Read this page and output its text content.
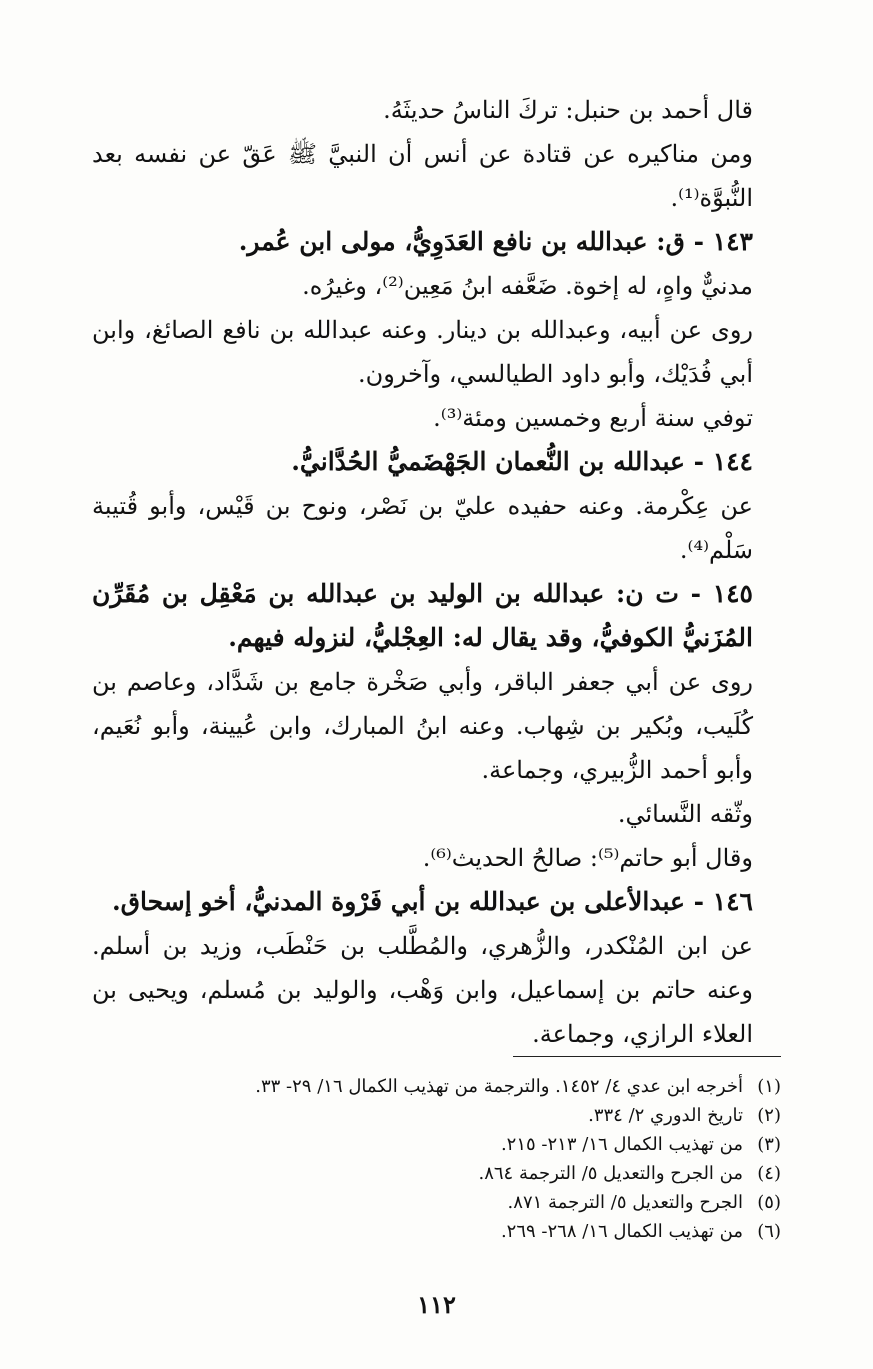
قال أحمد بن حنبل: تركَ الناسُ حديثَهُ.

ومن مناكيره عن قتادة عن أنس أن النبيَّ ﷺ عَقّ عن نفسه بعد النُّبوَّة⁽¹⁾.

١٤٣ - ق: عبدالله بن نافع العَدَوِيُّ، مولى ابن عُمر.

مدنيٌّ واهٍ، له إخوة. ضَعَّفه ابنُ مَعِين⁽²⁾، وغيرُه.

روى عن أبيه، وعبدالله بن دينار. وعنه عبدالله بن نافع الصائغ، وابن أبي فُدَيْك، وأبو داود الطيالسي، وآخرون.

توفي سنة أربع وخمسين ومئة⁽³⁾.

١٤٤ - عبدالله بن النُّعمان الجَهْضَميُّ الحُدَّانيُّ.

عن عِكْرمة. وعنه حفيده عليّ بن نَصْر، ونوح بن قَيْس، وأبو قُتيبة سَلْم⁽⁴⁾.

١٤٥ - ت ن: عبدالله بن الوليد بن عبدالله بن مَعْقِل بن مُقَرِّن المُزَنيُّ الكوفيُّ، وقد يقال له: العِجْليُّ، لنزوله فيهم.

روى عن أبي جعفر الباقر، وأبي صَخْرة جامع بن شَدَّاد، وعاصم بن كُلَيب، وبُكير بن شِهاب. وعنه ابنُ المبارك، وابن عُيينة، وأبو نُعَيم، وأبو أحمد الزُّبيري، وجماعة.

وثّقه النَّسائي.

وقال أبو حاتم⁽⁵⁾: صالحُ الحديث⁽⁶⁾.

١٤٦ - عبدالأعلى بن عبدالله بن أبي فَرْوة المدنيُّ، أخو إسحاق.

عن ابن المُنْكدر، والزُّهري، والمُطَّلب بن حَنْطَب، وزيد بن أسلم. وعنه حاتم بن إسماعيل، وابن وَهْب، والوليد بن مُسلم، ويحيى بن العلاء الرازي، وجماعة.

(١)
أخرجه ابن عدي ٤/ ١٤٥٢. والترجمة من تهذيب الكمال ١٦/ ٢٩- ٣٣.
(٢)
تاريخ الدوري ٢/ ٣٣٤.
(٣)
من تهذيب الكمال ١٦/ ٢١٣- ٢١٥.
(٤)
من الجرح والتعديل ٥/ الترجمة ٨٦٤.
(٥)
الجرح والتعديل ٥/ الترجمة ٨٧١.
(٦)
من تهذيب الكمال ١٦/ ٢٦٨- ٢٦٩.
١١٢
